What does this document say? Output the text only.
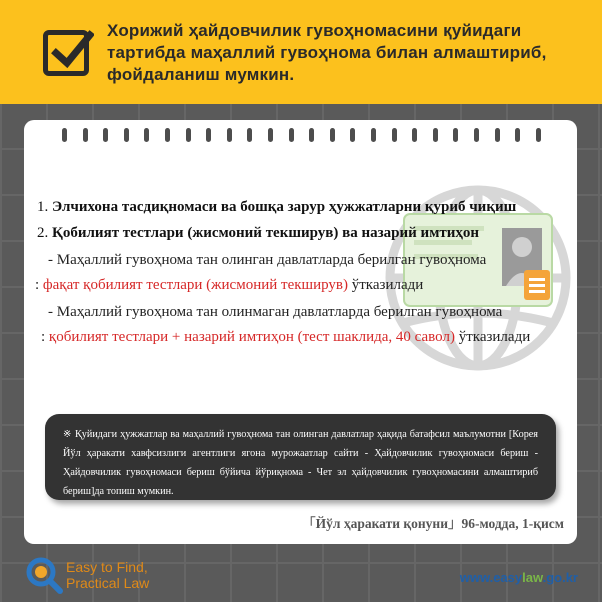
Хорижий ҳайдовчилик гувоҳномасини қуйидаги тартибда маҳаллий гувоҳнома билан алмаштириб, фойдаланиш мумкин.
1. Элчихона тасдиқномаси ва бошқа зарур ҳужжатларни қуриб чиқиш
2. Қобилият тестлари (жисмоний текширув) ва назарий имтиҳон
- Маҳаллий гувоҳнома тан олинган давлатларда берилган гувоҳнома
: фақат қобилият тестлари (жисмоний текширув) ўтказилади
- Маҳаллий гувоҳнома тан олинмаган давлатларда берилган гувоҳнома
: қобилият тестлари + назарий имтиҳон (тест шаклида, 40 савол) ўтказилади
※ Қуйидаги ҳужжатлар ва маҳаллий гувоҳнома тан олинган давлатлар ҳақида батафсил маълумотни [Корея Йўл ҳаракати хавфсизлиги агентлиги ягона мурожаатлар сайти - Ҳайдовчилик гувоҳномаси бериш - Ҳайдовчилик гувоҳномаси бериш бўйича йўриқнома - Чет эл ҳайдовчилик гувоҳномасини алмаштириб бериш]да топиш мумкин.
「Йўл ҳаракати қонуни」96-модда, 1-қисм
Easy to Find,
Practical Law	www.easylaw.go.kr
